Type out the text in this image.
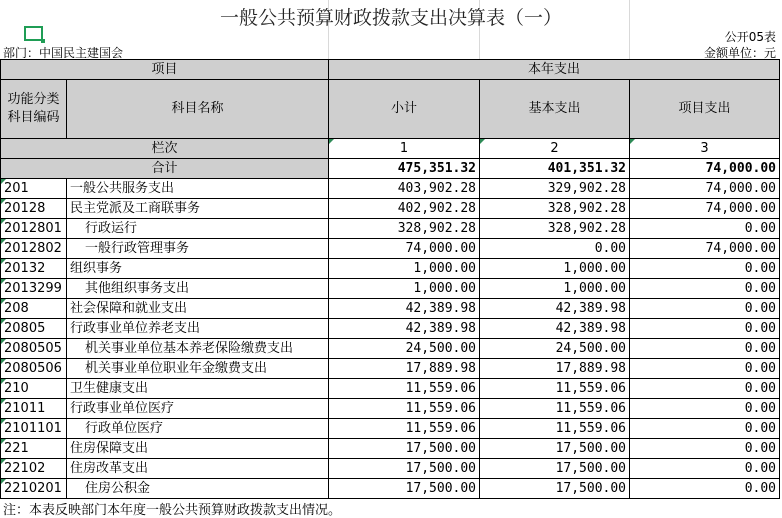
一般公共预算财政拨款支出决算表（一）
公开05表
部门：中国民主建国会	金额单位：元
项目		本年支出		
功能分类
科目编码	科目名称	小计	基本支出	项目支出
栏次		1	2	3
合计		475,351.32	401,351.32	74,000.00
201	一般公共服务支出	403,902.28	329,902.28	74,000.00
20128	民主党派及工商联事务	402,902.28	328,902.28	74,000.00
2012801	行政运行	328,902.28	328,902.28	0.00
2012802	一般行政管理事务	74,000.00	0.00	74,000.00
20132	组织事务	1,000.00	1,000.00	0.00
2013299	其他组织事务支出	1,000.00	1,000.00	0.00
208	社会保障和就业支出	42,389.98	42,389.98	0.00
20805	行政事业单位养老支出	42,389.98	42,389.98	0.00
2080505	机关事业单位基本养老保险缴费支出	24,500.00	24,500.00	0.00
2080506	机关事业单位职业年金缴费支出	17,889.98	17,889.98	0.00
210	卫生健康支出	11,559.06	11,559.06	0.00
21011	行政事业单位医疗	11,559.06	11,559.06	0.00
2101101	行政单位医疗	11,559.06	11,559.06	0.00
221	住房保障支出	17,500.00	17,500.00	0.00
22102	住房改革支出	17,500.00	17,500.00	0.00
2210201	住房公积金	17,500.00	17,500.00	0.00
注：本表反映部门本年度一般公共预算财政拨款支出情况。
